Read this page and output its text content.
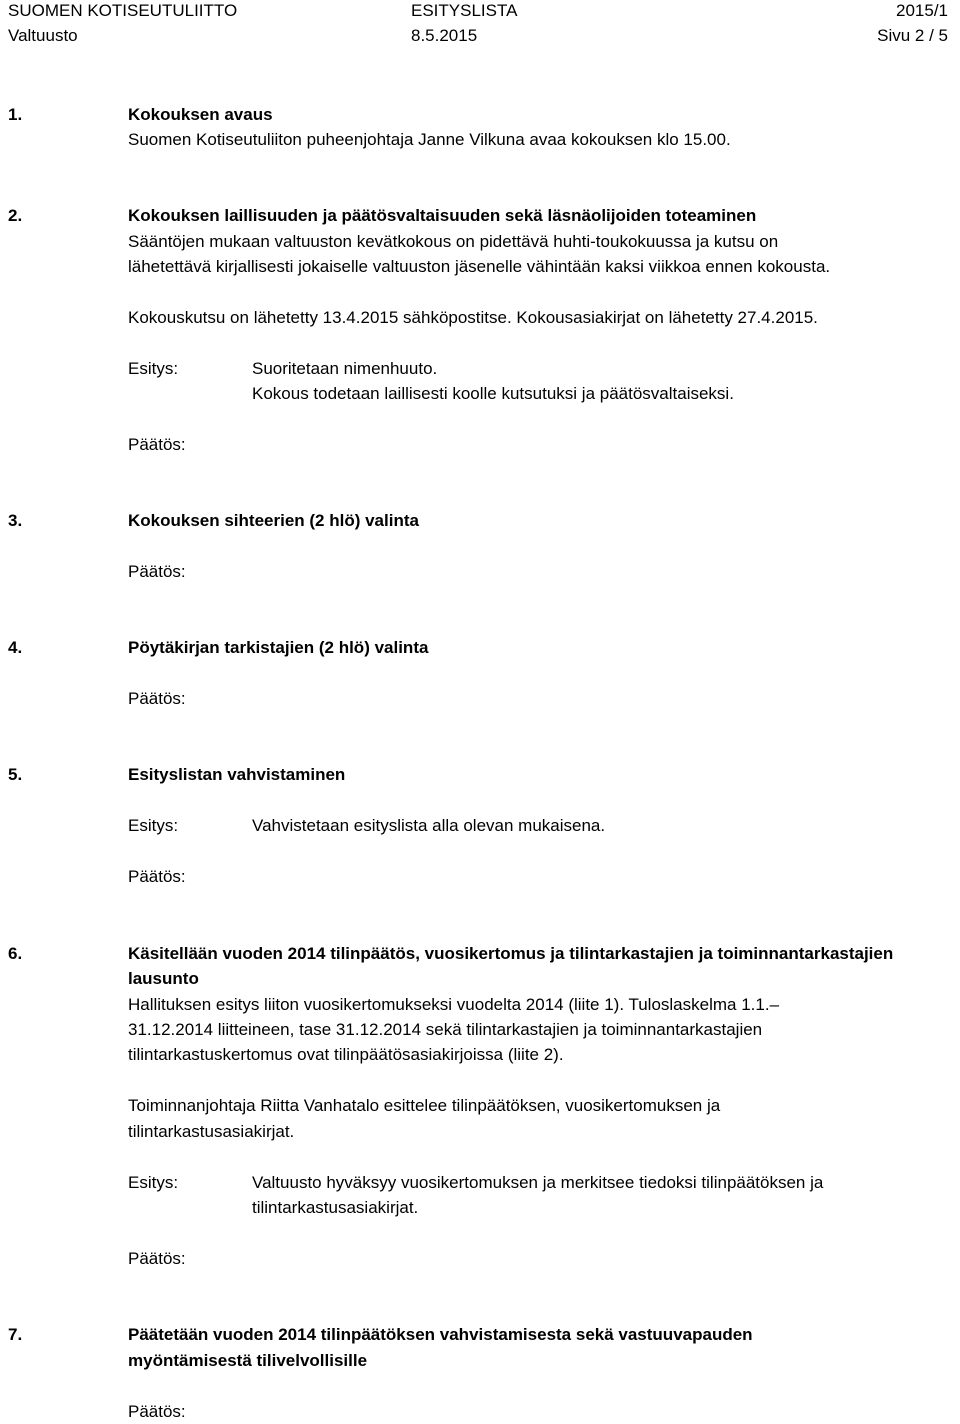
SUOMEN KOTISEUTULIITTO	ESITYSLISTA	2015/1
Valtuusto	8.5.2015	Sivu 2 / 5
1.	Kokouksen avaus
Suomen Kotiseutuliiton puheenjohtaja Janne Vilkuna avaa kokouksen klo 15.00.
2.	Kokouksen laillisuuden ja päätösvaltaisuuden sekä läsnäolijoiden toteaminen
Sääntöjen mukaan valtuuston kevätkokous on pidettävä huhti-toukokuussa ja kutsu on
lähetettävä kirjallisesti jokaiselle valtuuston jäsenelle vähintään kaksi viikkoa ennen kokousta.
Kokouskutsu on lähetetty 13.4.2015 sähköpostitse. Kokousasiakirjat on lähetetty 27.4.2015.
Esitys:	Suoritetaan nimenhuuto.
Kokous todetaan laillisesti koolle kutsutuksi ja päätösvaltaiseksi.
Päätös:
3.	Kokouksen sihteerien (2 hlö) valinta
Päätös:
4.	Pöytäkirjan tarkistajien (2 hlö) valinta
Päätös:
5.	Esityslistan vahvistaminen
Esitys:	Vahvistetaan esityslista alla olevan mukaisena.
Päätös:
6.	Käsitellään vuoden 2014 tilinpäätös, vuosikertomus ja tilintarkastajien ja toiminnantarkastajien
lausunto
Hallituksen esitys liiton vuosikertomukseksi vuodelta 2014 (liite 1). Tuloslaskelma 1.1.–
31.12.2014 liitteineen, tase 31.12.2014 sekä tilintarkastajien ja toiminnantarkastajien
tilintarkastuskertomus ovat tilinpäätösasiakirjoissa (liite 2).
Toiminnanjohtaja Riitta Vanhatalo esittelee tilinpäätöksen, vuosikertomuksen ja
tilintarkastusasiakirjat.
Esitys:	Valtuusto hyväksyy vuosikertomuksen ja merkitsee tiedoksi tilinpäätöksen ja
tilintarkastusasiakirjat.
Päätös:
7.	Päätetään vuoden 2014 tilinpäätöksen vahvistamisesta sekä vastuuvapauden
myöntämisestä tilivelvollisille
Päätös:
